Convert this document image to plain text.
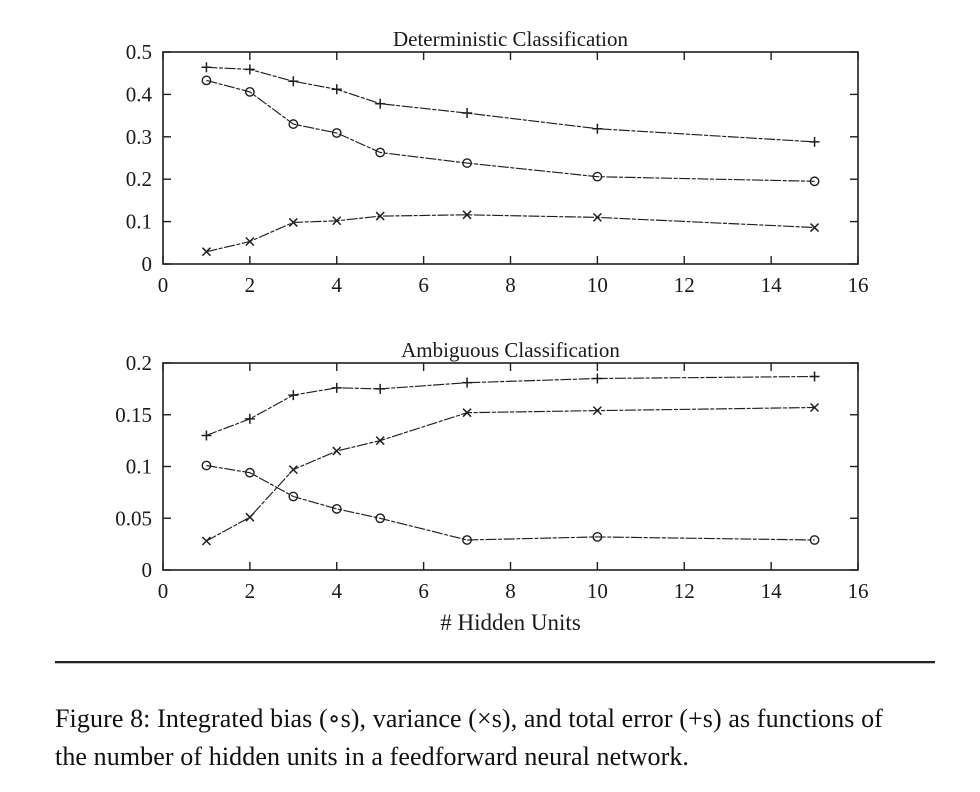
0	2	4	6	8	10	12	14	16
0
0.1
0.2
0.3
0.4
0.5
Deterministic Classification
0	2	4	6	8	10	12	14	16
0
0.05
0.1
0.15
0.2
Ambiguous Classification
# Hidden Units
Figure 8: Integrated bias (∘s), variance (×s), and total error (+s) as functions of
the number of hidden units in a feedforward neural network.
